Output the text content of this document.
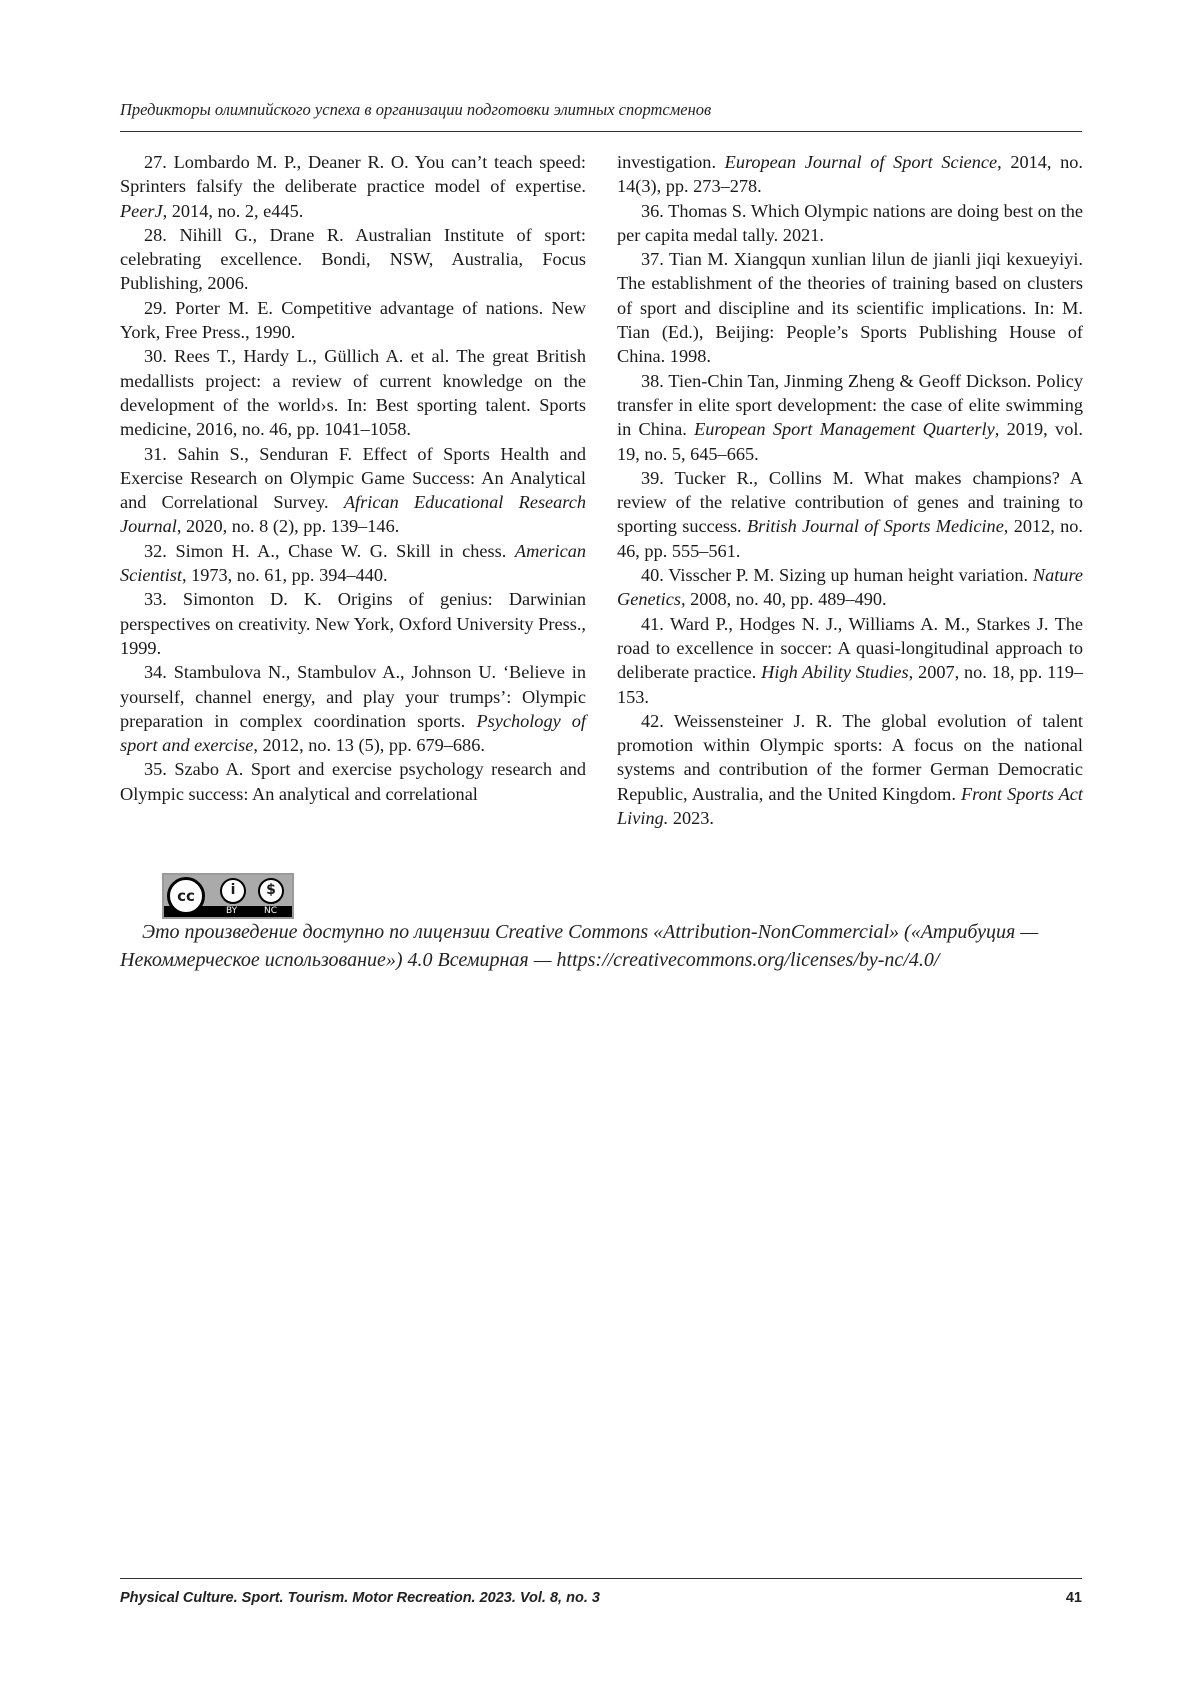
Предикторы олимпийского успеха в организации подготовки элитных спортсменов

27. Lombardo M. P., Deaner R. O. You can’t teach speed: Sprinters falsify the deliberate practice model of expertise. PeerJ, 2014, no. 2, e445.

28. Nihill G., Drane R. Australian Institute of sport: celebrating excellence. Bondi, NSW, Australia, Focus Publishing, 2006.

29. Porter M. E. Competitive advantage of nations. New York, Free Press., 1990.

30. Rees T., Hardy L., Güllich A. et al. The great British medallists project: a review of current knowledge on the development of the world›s. In: Best sporting talent. Sports medicine, 2016, no. 46, pp. 1041–1058.

31. Sahin S., Senduran F. Effect of Sports Health and Exercise Research on Olympic Game Success: An Analytical and Correlational Survey. African Educational Research Journal, 2020, no. 8 (2), pp. 139–146.

32. Simon H. A., Chase W. G. Skill in chess. American Scientist, 1973, no. 61, pp. 394–440.

33. Simonton D. K. Origins of genius: Darwinian perspectives on creativity. New York, Oxford University Press., 1999.

34. Stambulova N., Stambulov A., Johnson U. ‘Believe in yourself, channel energy, and play your trumps’: Olympic preparation in complex coordination sports. Psychology of sport and exercise, 2012, no. 13 (5), pp. 679–686.

35. Szabo A. Sport and exercise psychology research and Olympic success: An analytical and correlational

investigation. European Journal of Sport Science, 2014, no. 14(3), pp. 273–278.

36. Thomas S. Which Olympic nations are doing best on the per capita medal tally. 2021.

37. Tian M. Xiangqun xunlian lilun de jianli jiqi kexueyiyi. The establishment of the theories of training based on clusters of sport and discipline and its scientific implications. In: M. Tian (Ed.), Beijing: People’s Sports Publishing House of China. 1998.

38. Tien-Chin Tan, Jinming Zheng & Geoff Dickson. Policy transfer in elite sport development: the case of elite swimming in China. European Sport Management Quarterly, 2019, vol. 19, no. 5, 645–665.

39. Tucker R., Collins M. What makes champions? A review of the relative contribution of genes and training to sporting success. British Journal of Sports Medicine, 2012, no. 46, pp. 555–561.

40. Visscher P. M. Sizing up human height variation. Nature Genetics, 2008, no. 40, pp. 489–490.

41. Ward P., Hodges N. J., Williams A. M., Starkes J. The road to excellence in soccer: A quasi-longitudinal approach to deliberate practice. High Ability Studies, 2007, no. 18, pp. 119–153.

42. Weissensteiner J. R. The global evolution of talent promotion within Olympic sports: A focus on the national systems and contribution of the former German Democratic Republic, Australia, and the United Kingdom. Front Sports Act Living. 2023.

cc	i	$
BY	NC
Это произведение доступно по лицензии Creative Commons «Attribution-NonCommercial» («Атрибуция —
Некоммерческое использование») 4.0 Всемирная — https://creativecommons.org/licenses/by-nc/4.0/
Physical Culture. Sport. Tourism. Motor Recreation. 2023. Vol. 8, no. 3	41
